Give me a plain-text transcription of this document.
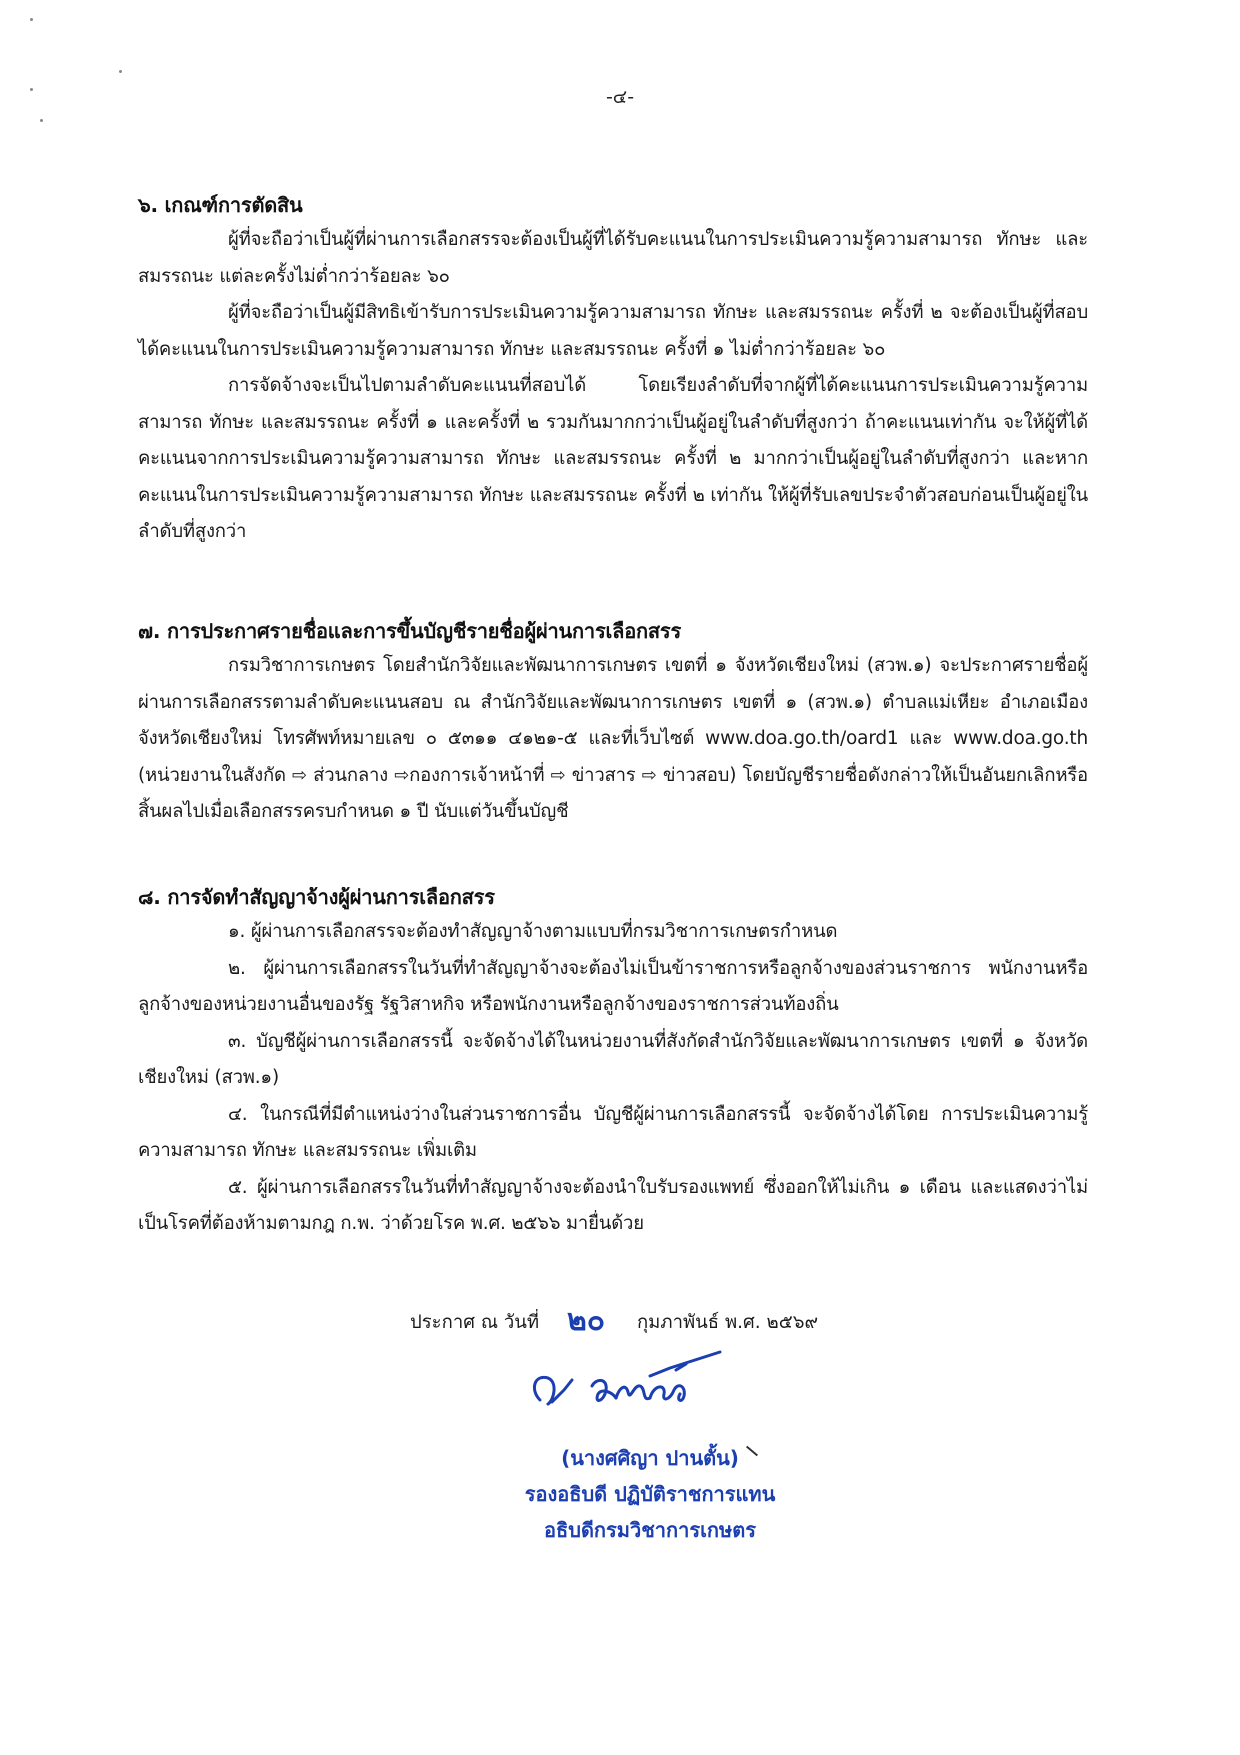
-๔-

๖. เกณฑ์การตัดสิน

ผู้ที่จะถือว่าเป็นผู้ที่ผ่านการเลือกสรรจะต้องเป็นผู้ที่ได้รับคะแนนในการประเมินความรู้ความสามารถ ทักษะ และสมรรถนะ แต่ละครั้งไม่ต่ำกว่าร้อยละ ๖๐

ผู้ที่จะถือว่าเป็นผู้มีสิทธิเข้ารับการประเมินความรู้ความสามารถ ทักษะ และสมรรถนะ ครั้งที่ ๒ จะต้องเป็นผู้ที่สอบได้คะแนนในการประเมินความรู้ความสามารถ ทักษะ และสมรรถนะ ครั้งที่ ๑ ไม่ต่ำกว่าร้อยละ ๖๐

การจัดจ้างจะเป็นไปตามลำดับคะแนนที่สอบได้ โดยเรียงลำดับที่จากผู้ที่ได้คะแนนการประเมินความรู้ความสามารถ ทักษะ และสมรรถนะ ครั้งที่ ๑ และครั้งที่ ๒ รวมกันมากกว่าเป็นผู้อยู่ในลำดับที่สูงกว่า ถ้าคะแนนเท่ากัน จะให้ผู้ที่ได้คะแนนจากการประเมินความรู้ความสามารถ ทักษะ และสมรรถนะ ครั้งที่ ๒ มากกว่าเป็นผู้อยู่ในลำดับที่สูงกว่า และหากคะแนนในการประเมินความรู้ความสามารถ ทักษะ และสมรรถนะ ครั้งที่ ๒ เท่ากัน ให้ผู้ที่รับเลขประจำตัวสอบก่อนเป็นผู้อยู่ในลำดับที่สูงกว่า

๗. การประกาศรายชื่อและการขึ้นบัญชีรายชื่อผู้ผ่านการเลือกสรร

กรมวิชาการเกษตร โดยสำนักวิจัยและพัฒนาการเกษตร เขตที่ ๑ จังหวัดเชียงใหม่ (สวพ.๑) จะประกาศรายชื่อผู้ผ่านการเลือกสรรตามลำดับคะแนนสอบ ณ สำนักวิจัยและพัฒนาการเกษตร เขตที่ ๑ (สวพ.๑) ตำบลแม่เหียะ อำเภอเมือง จังหวัดเชียงใหม่ โทรศัพท์หมายเลข ๐ ๕๓๑๑ ๔๑๒๑-๕ และที่เว็บไซต์ www.doa.go.th/oard1 และ www.doa.go.th (หน่วยงานในสังกัด ⇨ ส่วนกลาง ⇨กองการเจ้าหน้าที่ ⇨ ข่าวสาร ⇨ ข่าวสอบ) โดยบัญชีรายชื่อดังกล่าวให้เป็นอันยกเลิกหรือสิ้นผลไปเมื่อเลือกสรรครบกำหนด ๑ ปี นับแต่วันขึ้นบัญชี

๘. การจัดทำสัญญาจ้างผู้ผ่านการเลือกสรร

๑. ผู้ผ่านการเลือกสรรจะต้องทำสัญญาจ้างตามแบบที่กรมวิชาการเกษตรกำหนด

๒. ผู้ผ่านการเลือกสรรในวันที่ทำสัญญาจ้างจะต้องไม่เป็นข้าราชการหรือลูกจ้างของส่วนราชการ พนักงานหรือลูกจ้างของหน่วยงานอื่นของรัฐ รัฐวิสาหกิจ หรือพนักงานหรือลูกจ้างของราชการส่วนท้องถิ่น

๓. บัญชีผู้ผ่านการเลือกสรรนี้ จะจัดจ้างได้ในหน่วยงานที่สังกัดสำนักวิจัยและพัฒนาการเกษตร เขตที่ ๑ จังหวัดเชียงใหม่ (สวพ.๑)

๔. ในกรณีที่มีตำแหน่งว่างในส่วนราชการอื่น บัญชีผู้ผ่านการเลือกสรรนี้ จะจัดจ้างได้โดย การประเมินความรู้ความสามารถ ทักษะ และสมรรถนะ เพิ่มเติม

๕. ผู้ผ่านการเลือกสรรในวันที่ทำสัญญาจ้างจะต้องนำใบรับรองแพทย์ ซึ่งออกให้ไม่เกิน ๑ เดือน และแสดงว่าไม่เป็นโรคที่ต้องห้ามตามกฎ ก.พ. ว่าด้วยโรค พ.ศ. ๒๕๖๖ มายื่นด้วย

ประกาศ ณ วันที่ ๒๐ กุมภาพันธ์ พ.ศ. ๒๕๖๙
(นางศศิญา ปานตั้น)
รองอธิบดี ปฏิบัติราชการแทน
อธิบดีกรมวิชาการเกษตร
